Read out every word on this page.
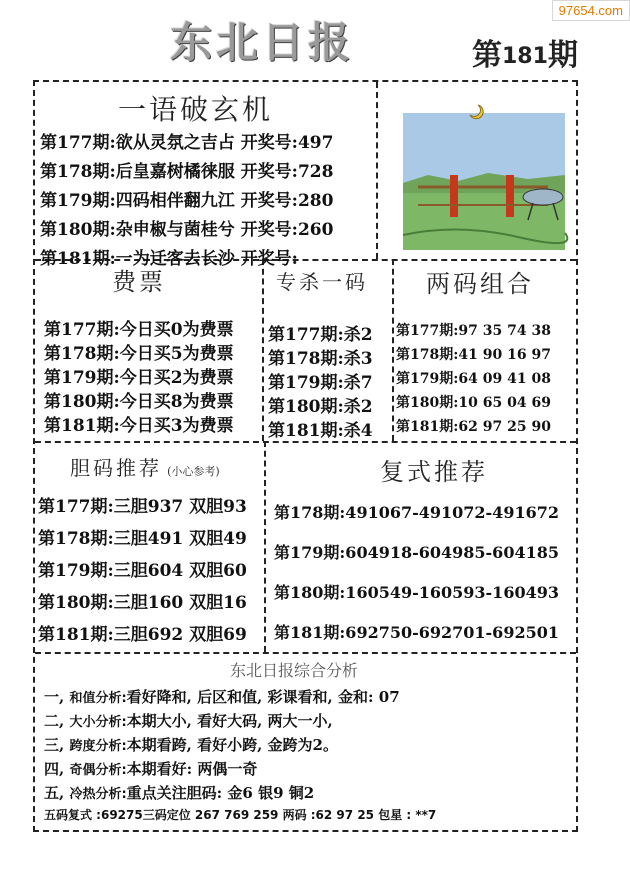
东北日报	第181期
97654.com
一语破玄机
第177期:欲从灵氛之吉占 开奖号:497
第178期:后皇嘉树橘徕服 开奖号:728
第179期:四码相伴翻九江 开奖号:280
第180期:杂申椒与菌桂兮 开奖号:260
第181期:一为迁客去长沙 开奖号:
费票
第177期:今日买0为费票
第178期:今日买5为费票
第179期:今日买2为费票
第180期:今日买8为费票
第181期:今日买3为费票
专杀一码
第177期:杀2
第178期:杀3
第179期:杀7
第180期:杀2
第181期:杀4
两码组合
第177期:97 35 74 38
第178期:41 90 16 97
第179期:64 09 41 08
第180期:10 65 04 69
第181期:62 97 25 90
胆码推荐 (小心参考)
第177期:三胆937 双胆93
第178期:三胆491 双胆49
第179期:三胆604 双胆60
第180期:三胆160 双胆16
第181期:三胆692 双胆69
复式推荐
第178期:491067-491072-491672
第179期:604918-604985-604185
第180期:160549-160593-160493
第181期:692750-692701-692501
东北日报综合分析
一, 和值分析:看好降和, 后区和值, 彩课看和, 金和: 07
二, 大小分析:本期大小, 看好大码, 两大一小,
三, 跨度分析:本期看跨, 看好小跨, 金跨为2。
四, 奇偶分析:本期看好: 两偶一奇
五, 冷热分析:重点关注胆码: 金6 银9 铜2
五码复式 :69275三码定位 267 769 259 两码 :62 97 25 包星 : **7
